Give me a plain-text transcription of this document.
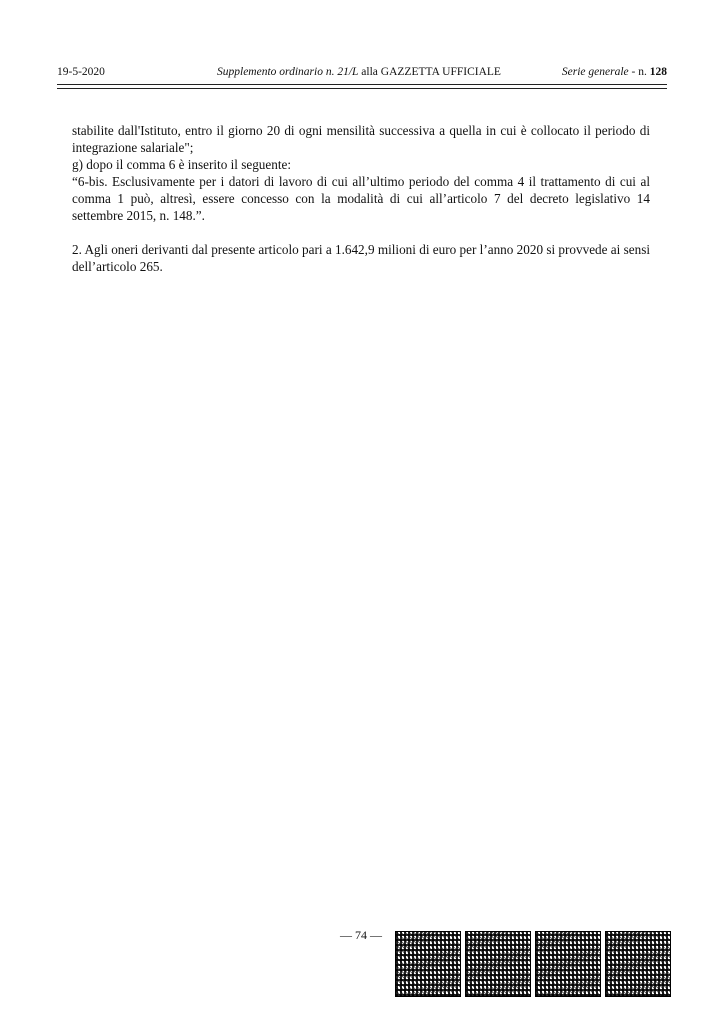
19-5-2020	Supplemento ordinario n. 21/L alla GAZZETTA UFFICIALE	Serie generale - n. 128

stabilite dall'Istituto, entro il giorno 20 di ogni mensilità successiva a quella in cui è collocato il periodo di integrazione salariale";

g) dopo il comma 6 è inserito il seguente:

“6-bis. Esclusivamente per i datori di lavoro di cui all’ultimo periodo del comma 4 il trattamento di cui al comma 1 può, altresì, essere concesso con la modalità di cui all’articolo 7 del decreto legislativo 14 settembre 2015, n. 148.”.

2. Agli oneri derivanti dal presente articolo pari a 1.642,9 milioni di euro per l’anno 2020 si provvede ai sensi dell’articolo 265.

— 74 —
